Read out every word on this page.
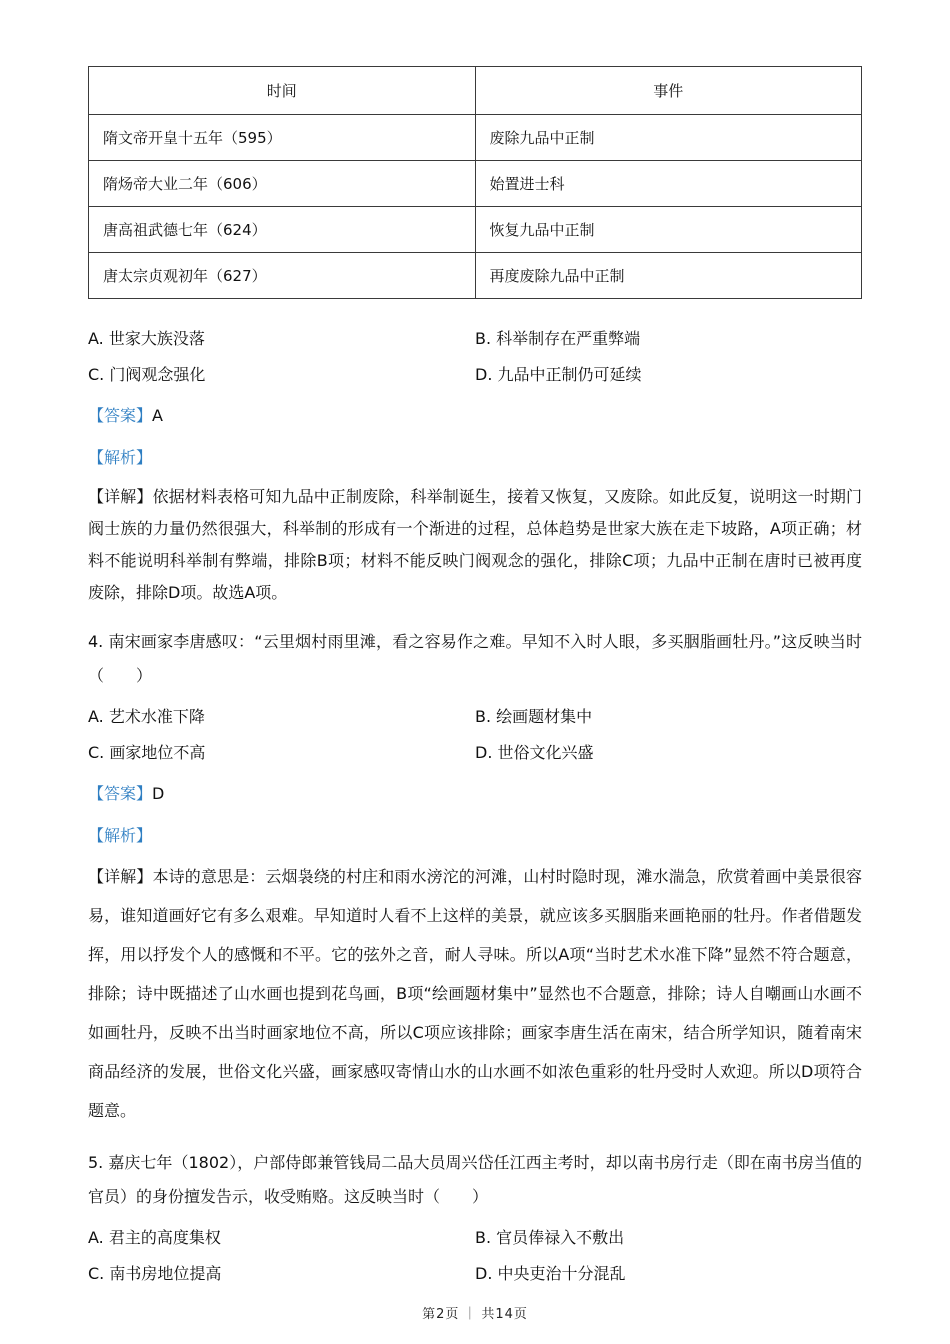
时间	事件
隋文帝开皇十五年（595）	废除九品中正制
隋炀帝大业二年（606）	始置进士科
唐高祖武德七年（624）	恢复九品中正制
唐太宗贞观初年（627）	再度废除九品中正制
A. 世家大族没落	B. 科举制存在严重弊端
C. 门阀观念强化	D. 九品中正制仍可延续
【答案】A
【解析】

【详解】依据材料表格可知九品中正制废除，科举制诞生，接着又恢复，又废除。如此反复，说明这一时期门阀士族的力量仍然很强大，科举制的形成有一个渐进的过程，总体趋势是世家大族在走下坡路，A项正确；材料不能说明科举制有弊端，排除B项；材料不能反映门阀观念的强化，排除C项；九品中正制在唐时已被再度废除，排除D项。故选A项。

4. 南宋画家李唐感叹：“云里烟村雨里滩，看之容易作之难。早知不入时人眼，多买胭脂画牡丹。”这反映当时（　　）

A. 艺术水准下降	B. 绘画题材集中
C. 画家地位不高	D. 世俗文化兴盛
【答案】D
【解析】

【详解】本诗的意思是：云烟袅绕的村庄和雨水滂沱的河滩，山村时隐时现，滩水湍急，欣赏着画中美景很容易，谁知道画好它有多么艰难。早知道时人看不上这样的美景，就应该多买胭脂来画艳丽的牡丹。作者借题发挥，用以抒发个人的感慨和不平。它的弦外之音，耐人寻味。所以A项“当时艺术水准下降”显然不符合题意，排除；诗中既描述了山水画也提到花鸟画，B项“绘画题材集中”显然也不合题意，排除；诗人自嘲画山水画不如画牡丹，反映不出当时画家地位不高，所以C项应该排除；画家李唐生活在南宋，结合所学知识，随着南宋商品经济的发展，世俗文化兴盛，画家感叹寄情山水的山水画不如浓色重彩的牡丹受时人欢迎。所以D项符合题意。

5. 嘉庆七年（1802），户部侍郎兼管钱局二品大员周兴岱任江西主考时，却以南书房行走（即在南书房当值的官员）的身份擅发告示，收受贿赂。这反映当时（　　）

A. 君主的高度集权	B. 官员俸禄入不敷出
C. 南书房地位提高	D. 中央吏治十分混乱
第2页 ｜ 共14页
